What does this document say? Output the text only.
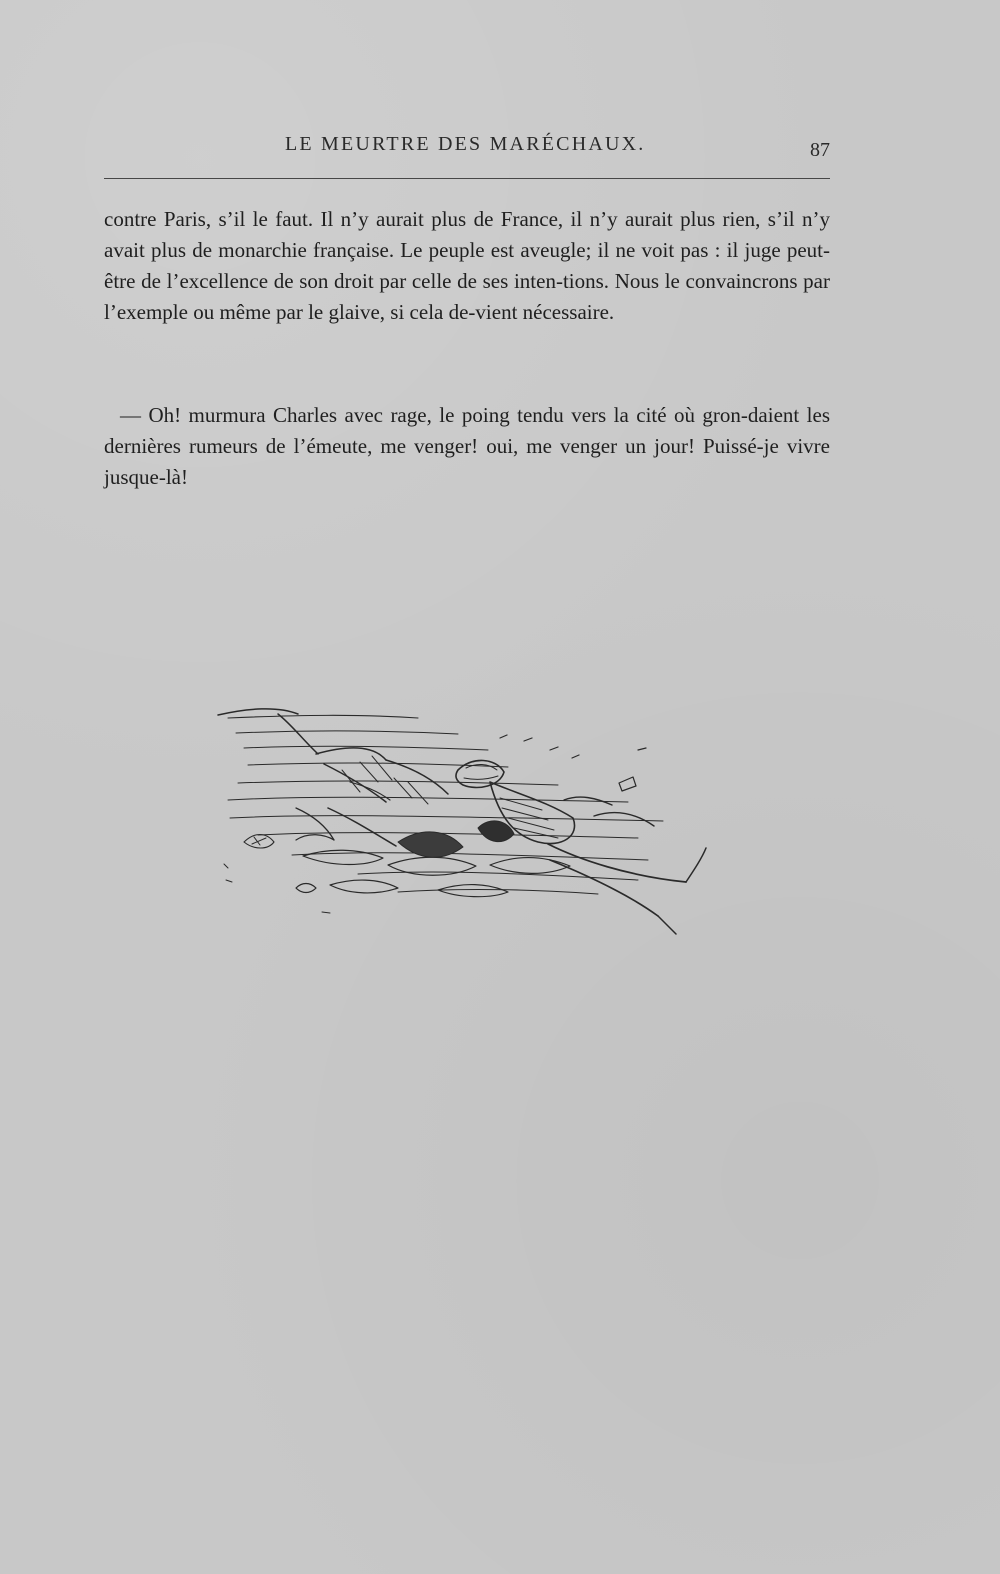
LE MEURTRE DES MARÉCHAUX.	87
contre Paris, s’il le faut. Il n’y aurait plus de France, il n’y aurait plus rien, s’il n’y avait plus de monarchie française. Le peuple est aveugle; il ne voit pas : il juge peut-être de l’excellence de son droit par celle de ses inten-tions. Nous le convaincrons par l’exemple ou même par le glaive, si cela de-vient nécessaire.
— Oh! murmura Charles avec rage, le poing tendu vers la cité où gron-daient les dernières rumeurs de l’émeute, me venger! oui, me venger un jour! Puissé-je vivre jusque-là!
